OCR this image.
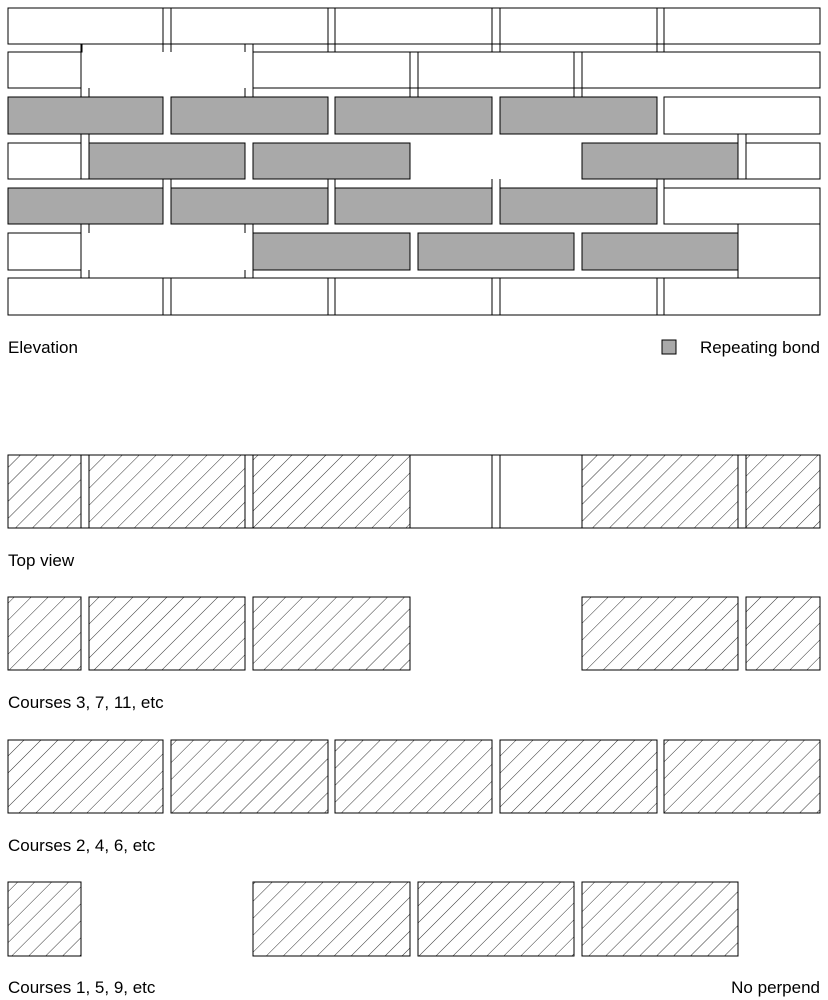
Elevation	Repeating bond
Top view
Courses 3, 7, 11, etc
Courses 2, 4, 6, etc
Courses 1, 5, 9, etc	No perpend
